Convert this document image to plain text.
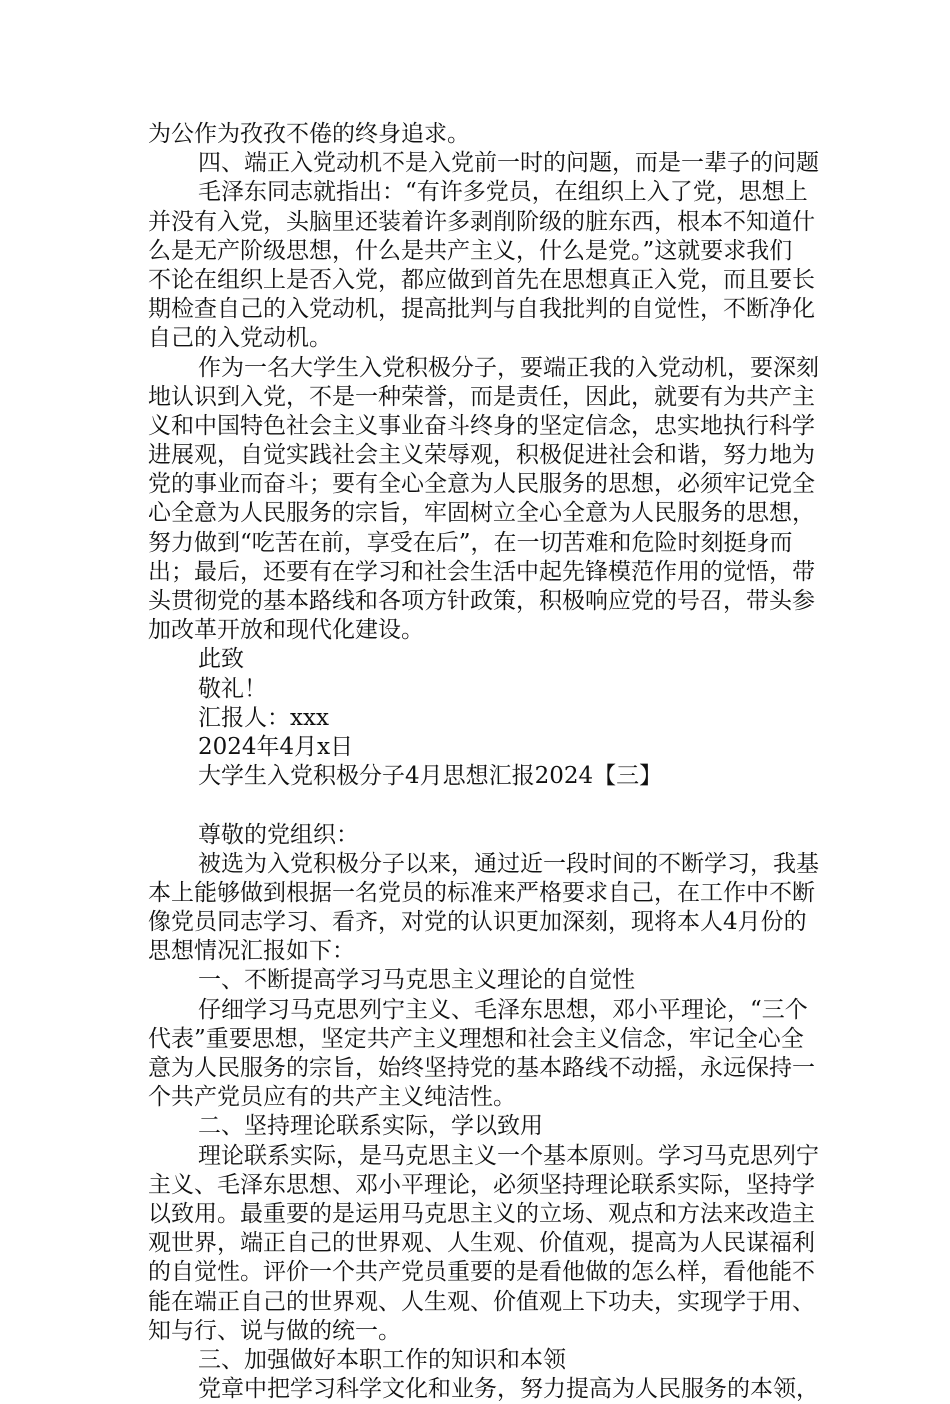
为公作为孜孜不倦的终身追求。
四、端正入党动机不是入党前一时的问题，而是一辈子的问题
毛泽东同志就指出：“有许多党员，在组织上入了党，思想上
并没有入党，头脑里还装着许多剥削阶级的脏东西，根本不知道什
么是无产阶级思想，什么是共产主义，什么是党。”这就要求我们
不论在组织上是否入党，都应做到首先在思想真正入党，而且要长
期检查自己的入党动机，提高批判与自我批判的自觉性，不断净化
自己的入党动机。
作为一名大学生入党积极分子，要端正我的入党动机，要深刻
地认识到入党，不是一种荣誉，而是责任，因此，就要有为共产主
义和中国特色社会主义事业奋斗终身的坚定信念，忠实地执行科学
进展观，自觉实践社会主义荣辱观，积极促进社会和谐，努力地为
党的事业而奋斗；要有全心全意为人民服务的思想，必须牢记党全
心全意为人民服务的宗旨，牢固树立全心全意为人民服务的思想，
努力做到“吃苦在前，享受在后”，在一切苦难和危险时刻挺身而
出；最后，还要有在学习和社会生活中起先锋模范作用的觉悟，带
头贯彻党的基本路线和各项方针政策，积极响应党的号召，带头参
加改革开放和现代化建设。
此致
敬礼！
汇报人：xxx
2024年4月x日
大学生入党积极分子4月思想汇报2024【三】
尊敬的党组织：
被选为入党积极分子以来，通过近一段时间的不断学习，我基
本上能够做到根据一名党员的标准来严格要求自己，在工作中不断
像党员同志学习、看齐，对党的认识更加深刻，现将本人4月份的
思想情况汇报如下：
一、不断提高学习马克思主义理论的自觉性
仔细学习马克思列宁主义、毛泽东思想，邓小平理论，“三个
代表”重要思想，坚定共产主义理想和社会主义信念，牢记全心全
意为人民服务的宗旨，始终坚持党的基本路线不动摇，永远保持一
个共产党员应有的共产主义纯洁性。
二、坚持理论联系实际，学以致用
理论联系实际，是马克思主义一个基本原则。学习马克思列宁
主义、毛泽东思想、邓小平理论，必须坚持理论联系实际，坚持学
以致用。最重要的是运用马克思主义的立场、观点和方法来改造主
观世界，端正自己的世界观、人生观、价值观，提高为人民谋福利
的自觉性。评价一个共产党员重要的是看他做的怎么样，看他能不
能在端正自己的世界观、人生观、价值观上下功夫，实现学于用、
知与行、说与做的统一。
三、加强做好本职工作的知识和本领
党章中把学习科学文化和业务，努力提高为人民服务的本领，
